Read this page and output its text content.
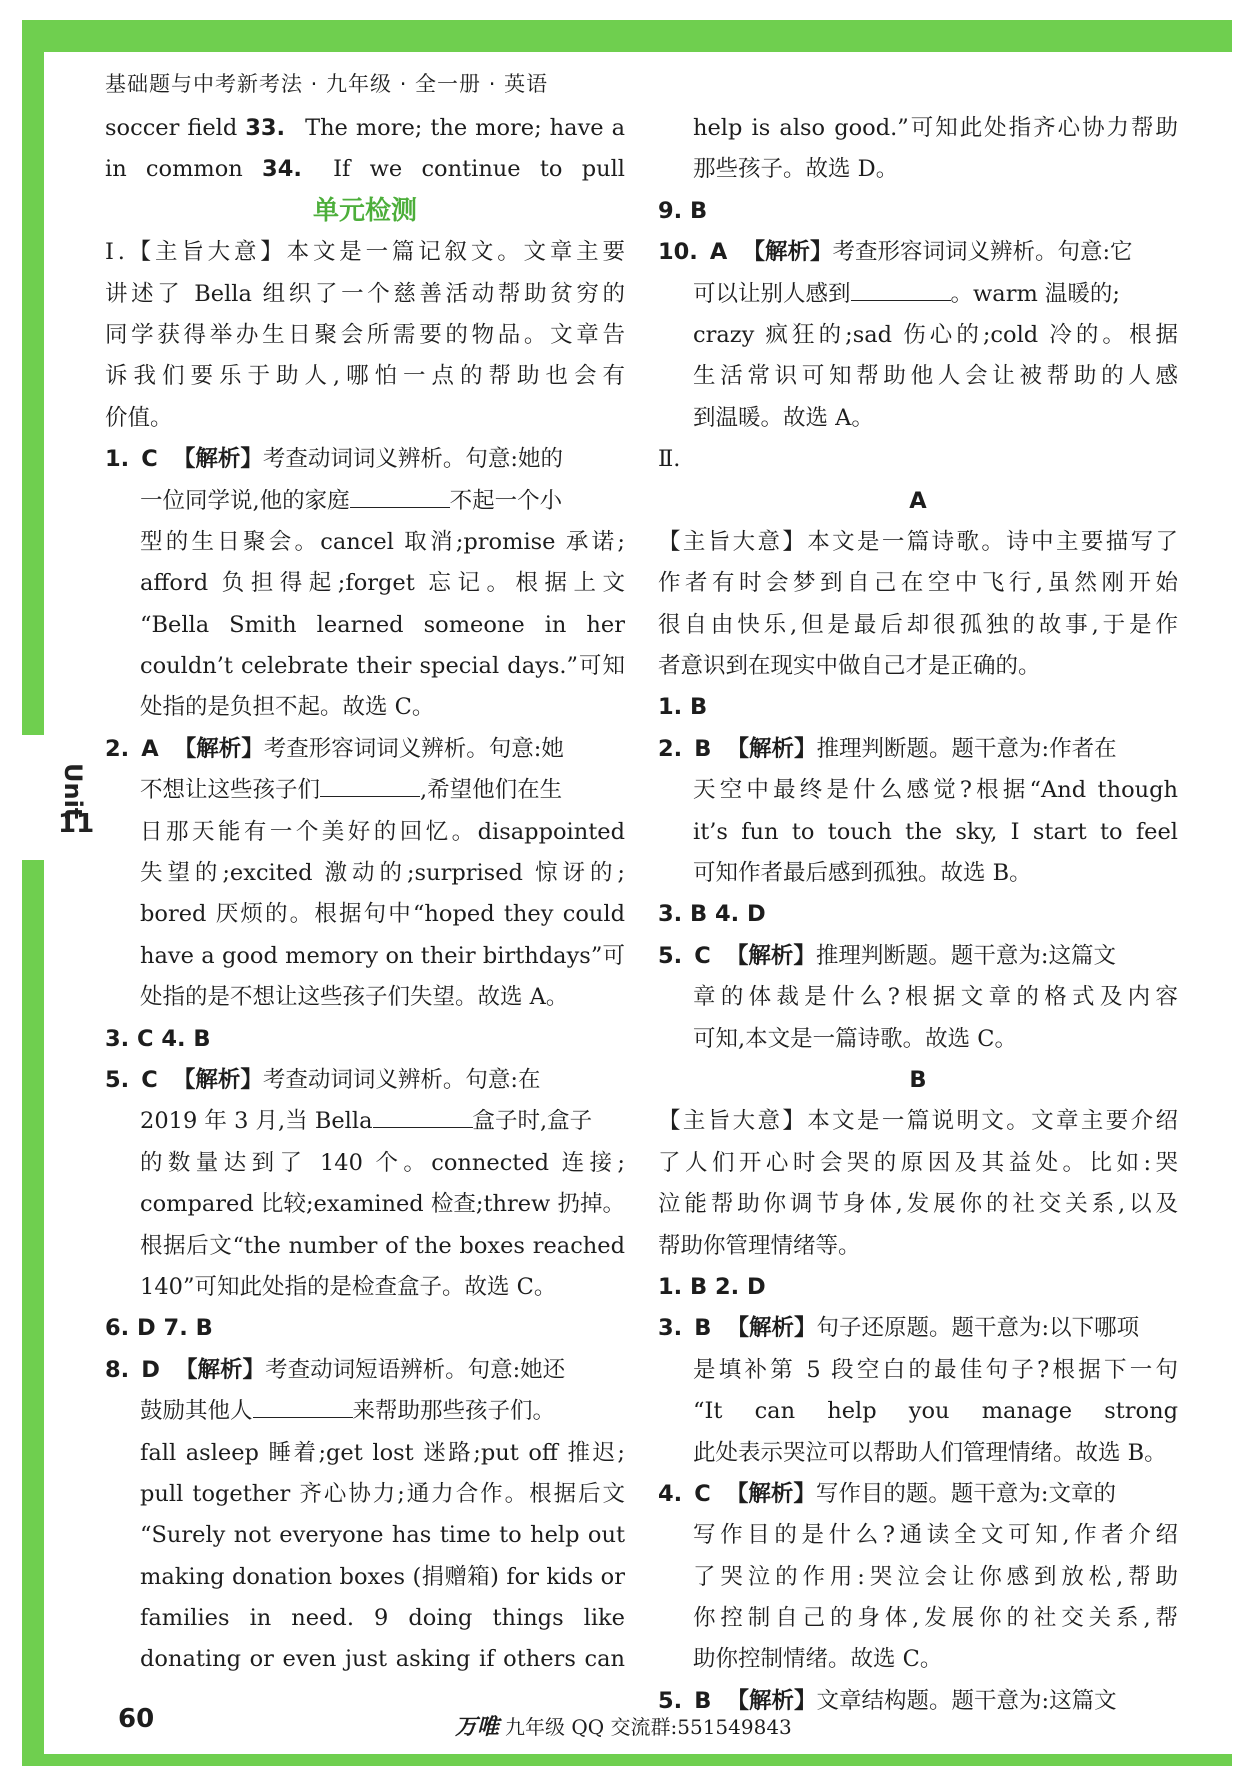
Unit
11
基础题与中考新考法 · 九年级 · 全一册 · 英语
soccer field 33. The more; the more; have a
in common 34. If we continue to pull
单元检测
Ⅰ.【主旨大意】本文是一篇记叙文。文章主要
讲述了 Bella 组织了一个慈善活动帮助贫穷的
同学获得举办生日聚会所需要的物品。文章告
诉我们要乐于助人,哪怕一点的帮助也会有
价值。
1. C 【解析】考查动词词义辨析。句意:她的
一位同学说,他的家庭	不起一个小
型的生日聚会。cancel 取消;promise 承诺;
afford 负担得起;forget 忘记。根据上文
“Bella Smith learned someone in her
couldn’t celebrate their special days.”可知
处指的是负担不起。故选 C。
2. A 【解析】考查形容词词义辨析。句意:她
不想让这些孩子们	,希望他们在生
日那天能有一个美好的回忆。disappointed
失望的;excited 激动的;surprised 惊讶的;
bored 厌烦的。根据句中“hoped they could
have a good memory on their birthdays”可
处指的是不想让这些孩子们失望。故选 A。
3. C 4. B
5. C 【解析】考查动词词义辨析。句意:在
2019 年 3 月,当 Bella	盒子时,盒子
的数量达到了 140 个。connected 连接;
compared 比较;examined 检查;threw 扔掉。
根据后文“the number of the boxes reached
140”可知此处指的是检查盒子。故选 C。
6. D 7. B
8. D 【解析】考查动词短语辨析。句意:她还
鼓励其他人	来帮助那些孩子们。
fall asleep 睡着;get lost 迷路;put off 推迟;
pull together 齐心协力;通力合作。根据后文
“Surely not everyone has time to help out
making donation boxes (捐赠箱) for kids or
families in need. 9 doing things like
donating or even just asking if others can
help is also good.”可知此处指齐心协力帮助
那些孩子。故选 D。
9. B
10. A 【解析】考查形容词词义辨析。句意:它
可以让别人感到	。warm 温暖的;
crazy 疯狂的;sad 伤心的;cold 冷的。根据
生活常识可知帮助他人会让被帮助的人感
到温暖。故选 A。
Ⅱ.
A
【主旨大意】本文是一篇诗歌。诗中主要描写了
作者有时会梦到自己在空中飞行,虽然刚开始
很自由快乐,但是最后却很孤独的故事,于是作
者意识到在现实中做自己才是正确的。
1. B
2. B 【解析】推理判断题。题干意为:作者在
天空中最终是什么感觉?根据“And though
it’s fun to touch the sky, I start to feel
可知作者最后感到孤独。故选 B。
3. B 4. D
5. C 【解析】推理判断题。题干意为:这篇文
章的体裁是什么?根据文章的格式及内容
可知,本文是一篇诗歌。故选 C。
B
【主旨大意】本文是一篇说明文。文章主要介绍
了人们开心时会哭的原因及其益处。比如:哭
泣能帮助你调节身体,发展你的社交关系,以及
帮助你管理情绪等。
1. B 2. D
3. B 【解析】句子还原题。题干意为:以下哪项
是填补第 5 段空白的最佳句子?根据下一句
“It can help you manage strong
此处表示哭泣可以帮助人们管理情绪。故选 B。
4. C 【解析】写作目的题。题干意为:文章的
写作目的是什么?通读全文可知,作者介绍
了哭泣的作用:哭泣会让你感到放松,帮助
你控制自己的身体,发展你的社交关系,帮
助你控制情绪。故选 C。
5. B 【解析】文章结构题。题干意为:这篇文
60	万唯 九年级 QQ 交流群:551549843
